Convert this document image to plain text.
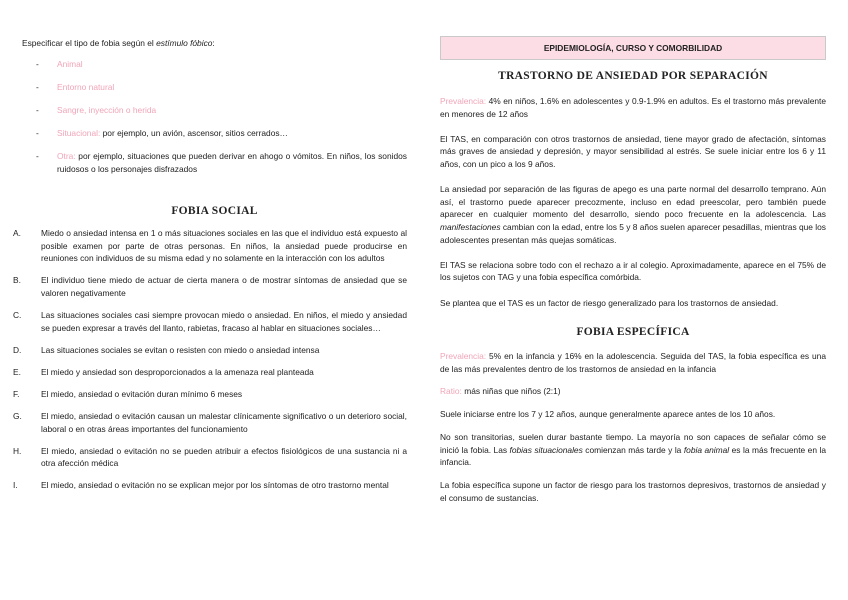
Especificar el tipo de fobia según el estímulo fóbico:

- Animal
- Entorno natural
- Sangre, inyección o herida
- Situacional: por ejemplo, un avión, ascensor, sitios cerrados…
- Otra: por ejemplo, situaciones que pueden derivar en ahogo o vómitos. En niños, los sonidos ruidosos o los personajes disfrazados
FOBIA SOCIAL
A.	Miedo o ansiedad intensa en 1 o más situaciones sociales en las que el individuo está expuesto al posible examen por parte de otras personas. En niños, la ansiedad puede producirse en reuniones con individuos de su misma edad y no solamente en la interacción con los adultos
B.	El individuo tiene miedo de actuar de cierta manera o de mostrar síntomas de ansiedad que se valoren negativamente
C.	Las situaciones sociales casi siempre provocan miedo o ansiedad. En niños, el miedo y ansiedad se pueden expresar a través del llanto, rabietas, fracaso al hablar en situaciones sociales…
D.	Las situaciones sociales se evitan o resisten con miedo o ansiedad intensa
E.	El miedo y ansiedad son desproporcionados a la amenaza real planteada
F.	El miedo, ansiedad o evitación duran mínimo 6 meses
G.	El miedo, ansiedad o evitación causan un malestar clínicamente significativo o un deterioro social, laboral o en otras áreas importantes del funcionamiento
H.	El miedo, ansiedad o evitación no se pueden atribuir a efectos fisiológicos de una sustancia ni a otra afección médica
I.	El miedo, ansiedad o evitación no se explican mejor por los síntomas de otro trastorno mental
EPIDEMIOLOGÍA, CURSO Y COMORBILIDAD
TRASTORNO DE ANSIEDAD POR SEPARACIÓN

Prevalencia: 4% en niños, 1.6% en adolescentes y 0.9-1.9% en adultos. Es el trastorno más prevalente en menores de 12 años

El TAS, en comparación con otros trastornos de ansiedad, tiene mayor grado de afectación, síntomas más graves de ansiedad y depresión, y mayor sensibilidad al estrés. Se suele iniciar entre los 6 y 11 años, con un pico a los 9 años.

La ansiedad por separación de las figuras de apego es una parte normal del desarrollo temprano. Aún así, el trastorno puede aparecer precozmente, incluso en edad preescolar, pero también puede aparecer en cualquier momento del desarrollo, siendo poco frecuente en la adolescencia. Las manifestaciones cambian con la edad, entre los 5 y 8 años suelen aparecer pesadillas, mientras que los adolescentes presentan más quejas somáticas.

El TAS se relaciona sobre todo con el rechazo a ir al colegio. Aproximadamente, aparece en el 75% de los sujetos con TAG y una fobia específica comórbida.

Se plantea que el TAS es un factor de riesgo generalizado para los trastornos de ansiedad.

FOBIA ESPECÍFICA

Prevalencia: 5% en la infancia y 16% en la adolescencia. Seguida del TAS, la fobia específica es una de las más prevalentes dentro de los trastornos de ansiedad en la infancia

Ratio: más niñas que niños (2:1)

Suele iniciarse entre los 7 y 12 años, aunque generalmente aparece antes de los 10 años.

No son transitorias, suelen durar bastante tiempo. La mayoría no son capaces de señalar cómo se inició la fobia. Las fobias situacionales comienzan más tarde y la fobia animal es la más frecuente en la infancia.

La fobia específica supone un factor de riesgo para los trastornos depresivos, trastornos de ansiedad y el consumo de sustancias.
